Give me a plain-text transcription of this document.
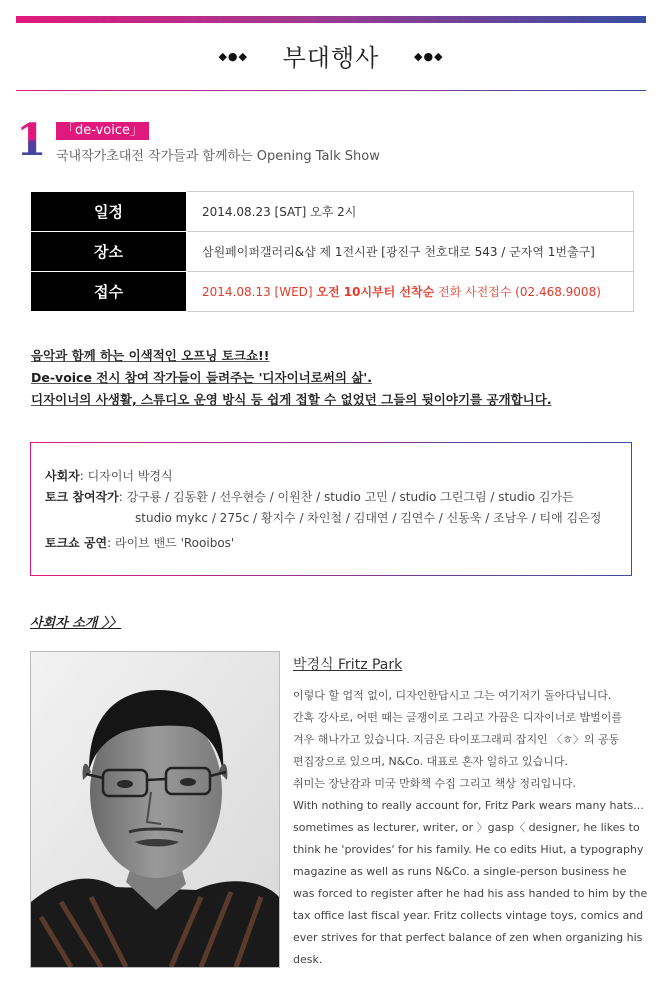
◆●◆ 부대행사	◆●◆
1	「de-voice」
국내작가초대전 작가들과 함께하는 Opening Talk Show
일정	2014.08.23 [SAT] 오후 2시
장소	삼원페이퍼갤러리&샵 제 1전시관 [광진구 천호대로 543 / 군자역 1번출구]
접수	2014.08.13 [WED] 오전 10시부터 선착순 전화 사전접수 (02.468.9008)
음악과 함께 하는 이색적인 오프닝 토크쇼!!
De-voice 전시 참여 작가들이 들려주는 '디자이너로써의 삶'.
디자이너의 사생활, 스튜디오 운영 방식 등 쉽게 접할 수 없었던 그들의 뒷이야기를 공개합니다.
사회자 : 디자이너 박경식
토크 참여작가 : 강구룡 / 김동환 / 선우현승 / 이원찬 / studio 고민 / studio 그린그림 / studio 김가든
studio mykc / 275c / 황지수 / 차인철 / 김대연 / 김연수 / 신동욱 / 조남우 / 티애 김은정
토크쇼 공연 : 라이브 밴드 'Rooibos'
사회자 소개 〉〉
박경식 Fritz Park
이렇다 할 업적 없이, 디자인한답시고 그는 여기저기 돌아다닙니다.
간혹 강사로, 어떤 때는 글쟁이로 그리고 가끔은 디자이너로 밥벌이를
겨우 해나가고 있습니다. 지금은 타이포그래피 잡지인 〈ㅎ〉의 공동
편집장으로 있으며, N&Co. 대표로 혼자 일하고 있습니다.
취미는 장난감과 미국 만화책 수집 그리고 책상 정리입니다.
With nothing to really account for, Fritz Park wears many hats...
sometimes as lecturer, writer, or 〉gasp〈 designer, he likes to
think he 'provides' for his family. He co edits Hiut, a typography
magazine as well as runs N&Co. a single-person business he
was forced to register after he had his ass handed to him by the
tax office last fiscal year. Fritz collects vintage toys, comics and
ever strives for that perfect balance of zen when organizing his
desk.
